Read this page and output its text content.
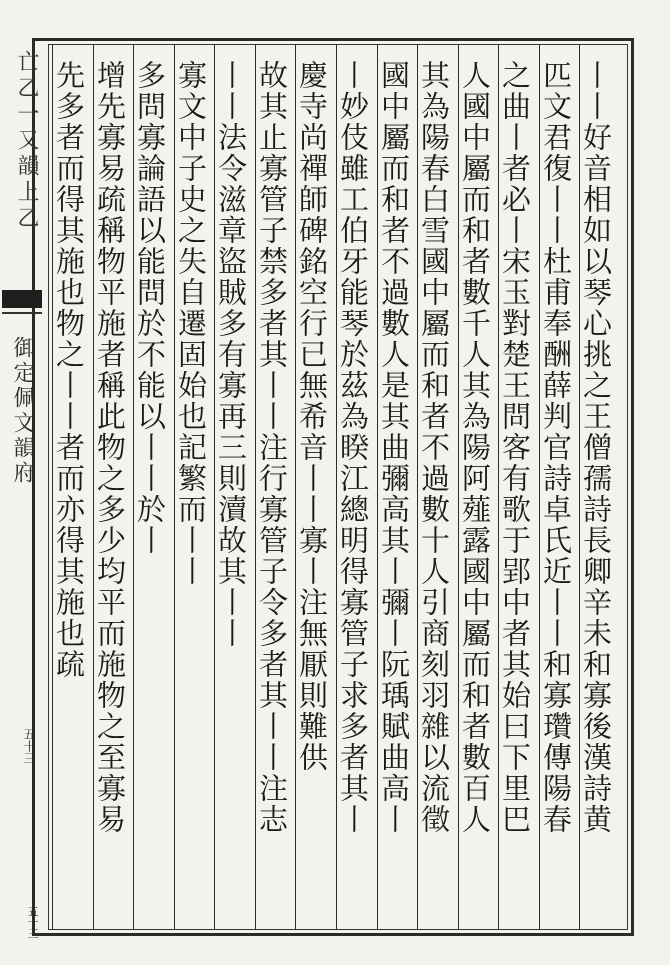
亡乙一又韻上乙
御定佩文韻府
五十三
五十三
丨丨好音相如以琴心挑之王僧孺詩長卿辛未和寡後漢詩黄
匹文君復丨丨杜甫奉酬薛判官詩卓氏近丨丨和寡瓚傳陽春
之曲丨者必丨宋玉對楚王問客有歌于郢中者其始曰下里巴
人國中屬而和者數千人其為陽阿薤露國中屬而和者數百人
其為陽春白雪國中屬而和者不過數十人引商刻羽雜以流徵
國中屬而和者不過數人是其曲彌高其丨彌丨阮瑀賦曲高丨
丨妙伎雖工伯牙能琴於茲為睽江總明得寡管子求多者其丨
慶寺尚禪師碑銘空行已無希音丨丨寡丨注無厭則難供
故其止寡管子禁多者其丨丨注行寡管子令多者其丨丨注志
丨丨法令滋章盜賊多有寡再三則瀆故其丨丨
寡文中子史之失自遷固始也記繁而丨丨
多問寡論語以能問於不能以丨丨於丨
增先寡易疏稱物平施者稱此物之多少均平而施物之至寡易
先多者而得其施也物之丨丨者而亦得其施也疏
